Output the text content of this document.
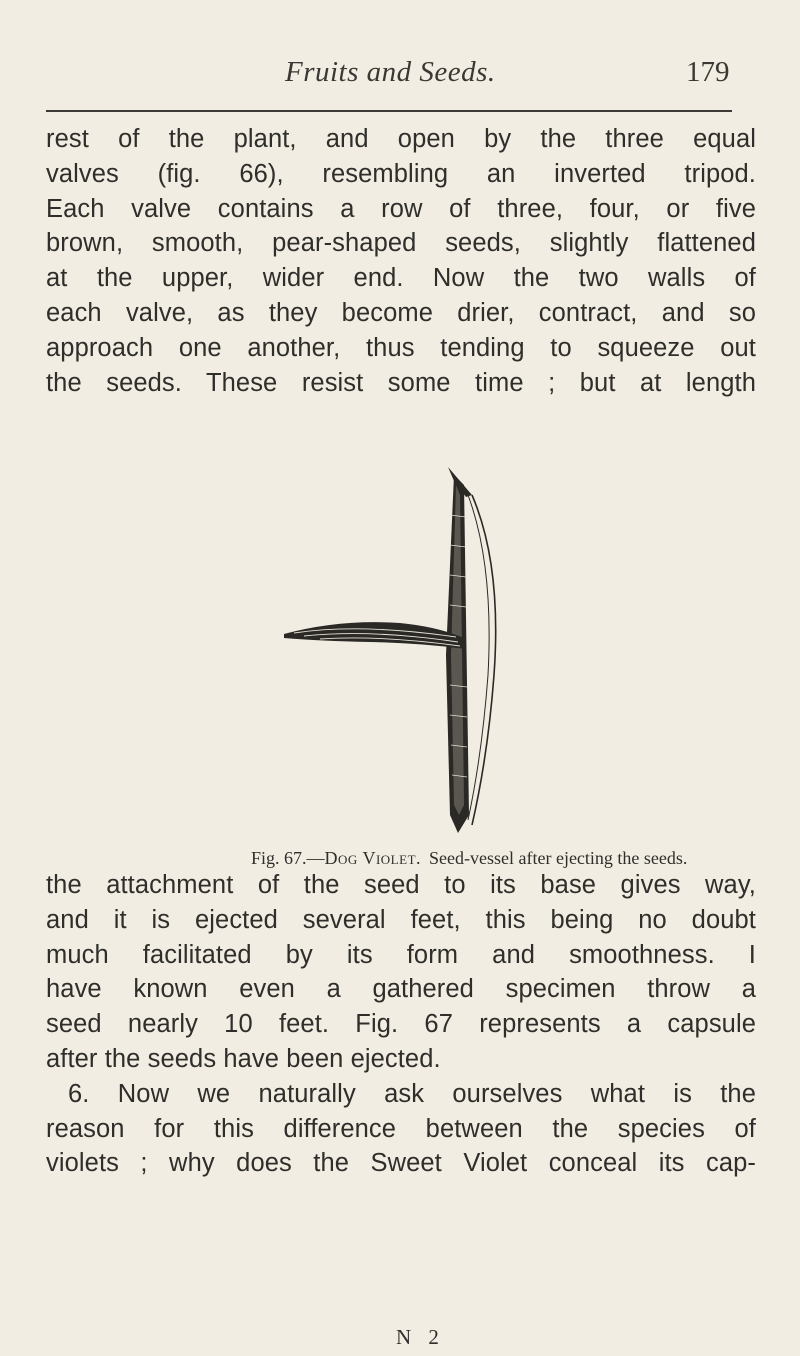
Fruits and Seeds.	179
rest of the plant, and open by the three equal
valves (fig. 66), resembling an inverted tripod.
Each valve contains a row of three, four, or five
brown, smooth, pear-shaped seeds, slightly flattened
at the upper, wider end. Now the two walls of
each valve, as they become drier, contract, and so
approach one another, thus tending to squeeze out
the seeds. These resist some time ; but at length
Fig. 67.—Dog Violet. Seed-vessel after ejecting the seeds.
the attachment of the seed to its base gives way,
and it is ejected several feet, this being no doubt
much facilitated by its form and smoothness. I
have known even a gathered specimen throw a
seed nearly 10 feet. Fig. 67 represents a capsule
after the seeds have been ejected.
6. Now we naturally ask ourselves what is the
reason for this difference between the species of
violets ; why does the Sweet Violet conceal its cap-
N 2
